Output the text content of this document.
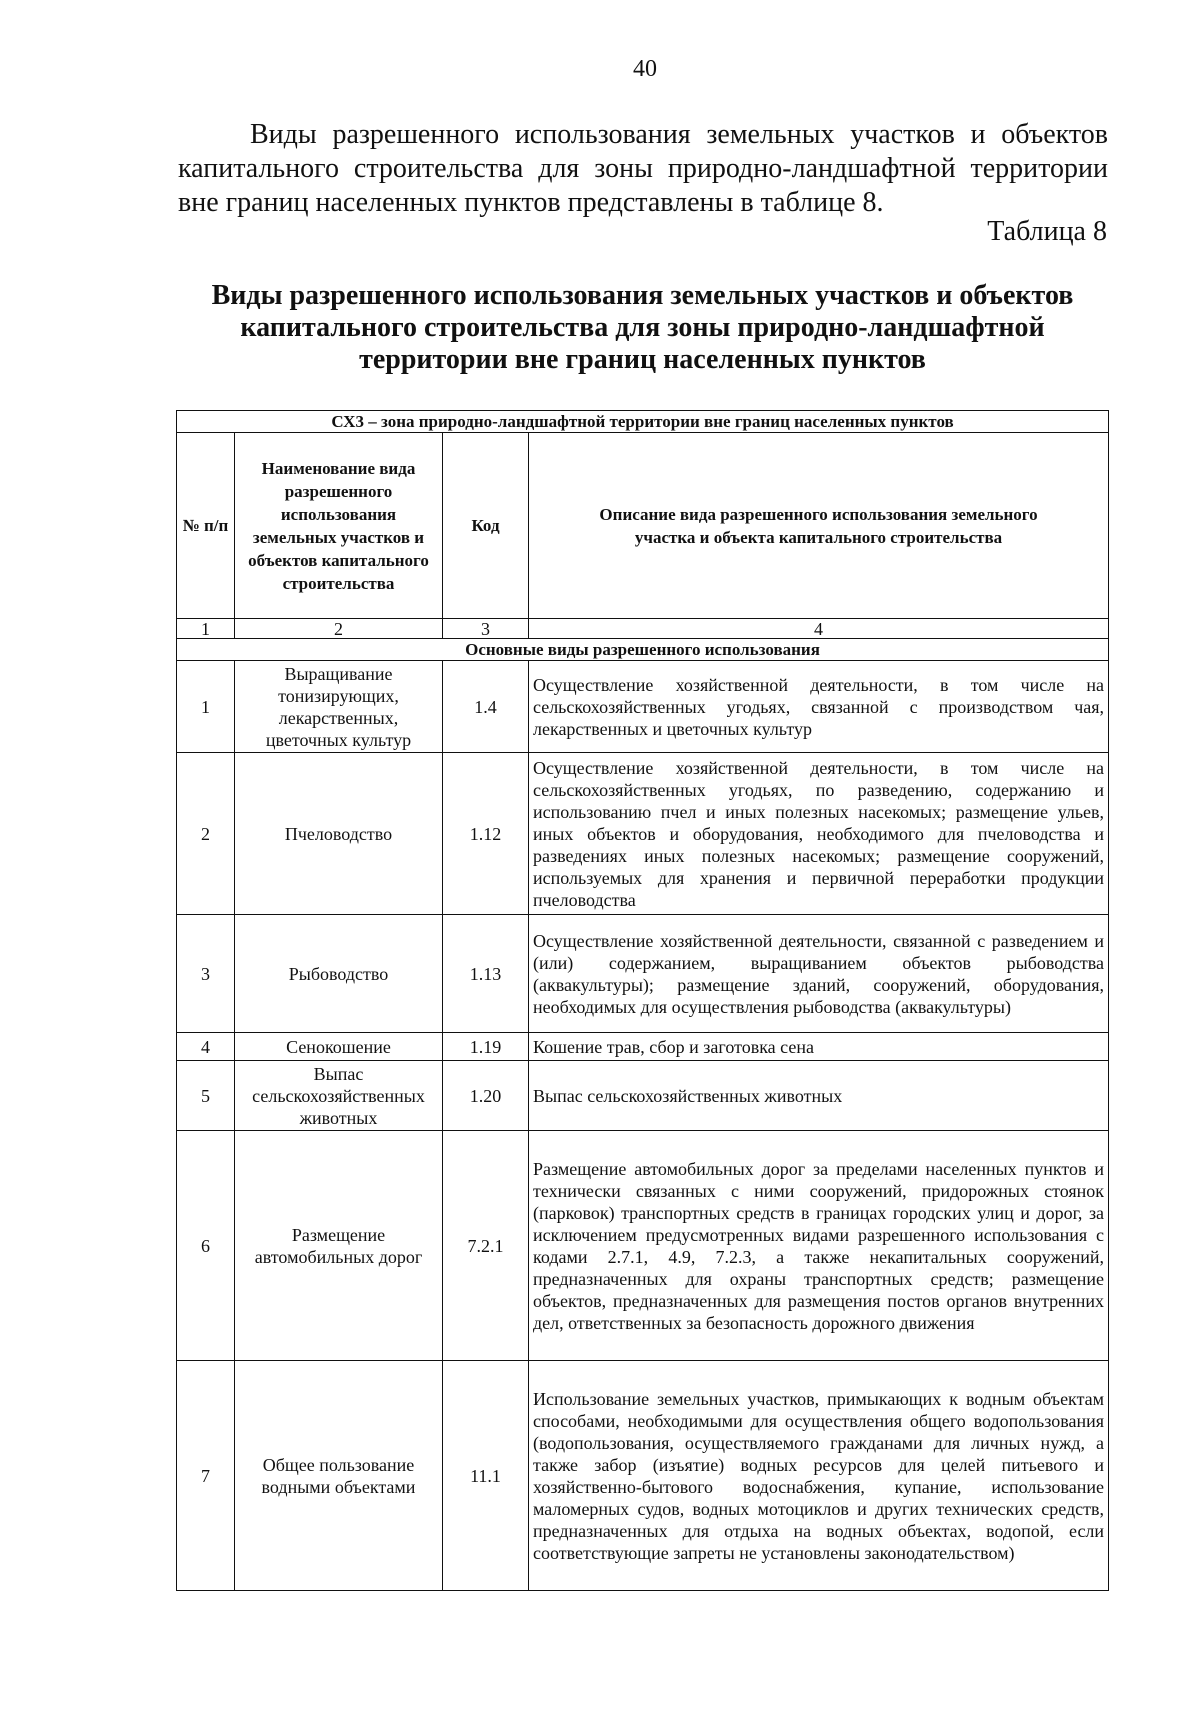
40

Виды разрешенного использования земельных участков и объектов капитального строительства для зоны природно-ландшафтной территории вне границ населенных пунктов представлены в таблице 8.

Таблица 8
Виды разрешенного использования земельных участков и объектов капитального строительства для зоны природно-ландшафтной территории вне границ населенных пунктов
СХ3 – зона природно-ландшафтной территории вне границ населенных пунктов			
№ п/п	Наименование вида разрешенного использования земельных участков и объектов капитального строительства	Код	Описание вида разрешенного использования земельного участка и объекта капитального строительства
1	2	3	4
Основные виды разрешенного использования			
1	Выращивание тонизирующих, лекарственных, цветочных культур	1.4	Осуществление хозяйственной деятельности, в том числе на сельскохозяйственных угодьях, связанной с производством чая, лекарственных и цветочных культур
2	Пчеловодство	1.12	Осуществление хозяйственной деятельности, в том числе на сельскохозяйственных угодьях, по разведению, содержанию и использованию пчел и иных полезных насекомых; размещение ульев, иных объектов и оборудования, необходимого для пчеловодства и разведениях иных полезных насекомых; размещение сооружений, используемых для хранения и первичной переработки продукции пчеловодства
3	Рыбоводство	1.13	Осуществление хозяйственной деятельности, связанной с разведением и (или) содержанием, выращиванием объектов рыбоводства (аквакультуры); размещение зданий, сооружений, оборудования, необходимых для осуществления рыбоводства (аквакультуры)
4	Сенокошение	1.19	Кошение трав, сбор и заготовка сена
5	Выпас сельскохозяйственных животных	1.20	Выпас сельскохозяйственных животных
6	Размещение автомобильных дорог	7.2.1	Размещение автомобильных дорог за пределами населенных пунктов и технически связанных с ними сооружений, придорожных стоянок (парковок) транспортных средств в границах городских улиц и дорог, за исключением предусмотренных видами разрешенного использования с кодами 2.7.1, 4.9, 7.2.3, а также некапитальных сооружений, предназначенных для охраны транспортных средств; размещение объектов, предназначенных для размещения постов органов внутренних дел, ответственных за безопасность дорожного движения
7	Общее пользование водными объектами	11.1	Использование земельных участков, примыкающих к водным объектам способами, необходимыми для осуществления общего водопользования (водопользования, осуществляемого гражданами для личных нужд, а также забор (изъятие) водных ресурсов для целей питьевого и хозяйственно-бытового водоснабжения, купание, использование маломерных судов, водных мотоциклов и других технических средств, предназначенных для отдыха на водных объектах, водопой, если соответствующие запреты не установлены законодательством)
